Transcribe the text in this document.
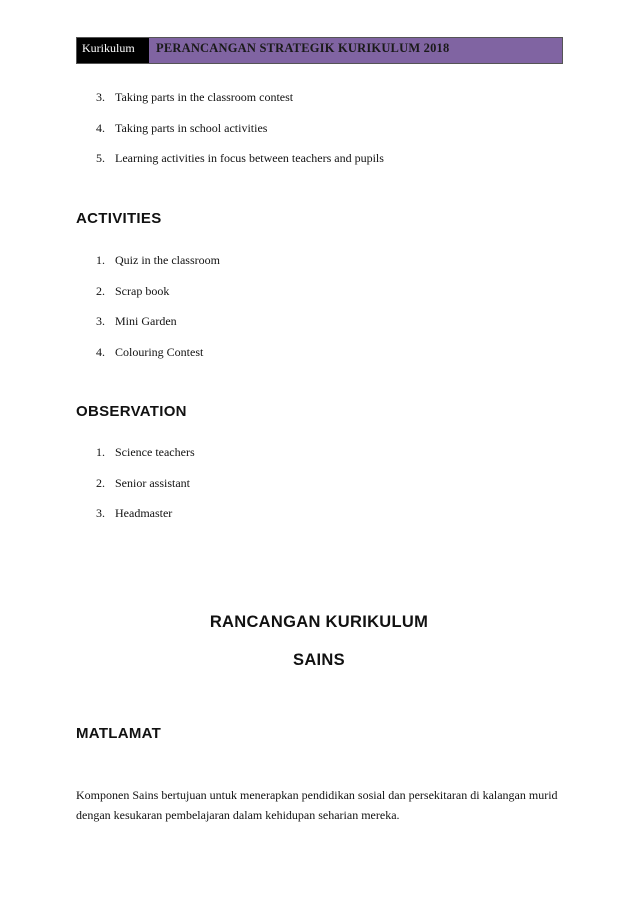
Kurikulum	PERANCANGAN STRATEGIK KURIKULUM 2018
3. Taking parts in the classroom contest
4. Taking parts in school activities
5. Learning activities in focus between teachers and pupils
ACTIVITIES
1. Quiz in the classroom
2. Scrap book
3. Mini Garden
4. Colouring Contest
OBSERVATION
1. Science teachers
2. Senior assistant
3. Headmaster
RANCANGAN KURIKULUM
SAINS
MATLAMAT

Komponen Sains bertujuan untuk menerapkan pendidikan sosial dan persekitaran di kalangan murid dengan kesukaran pembelajaran dalam kehidupan seharian mereka.
